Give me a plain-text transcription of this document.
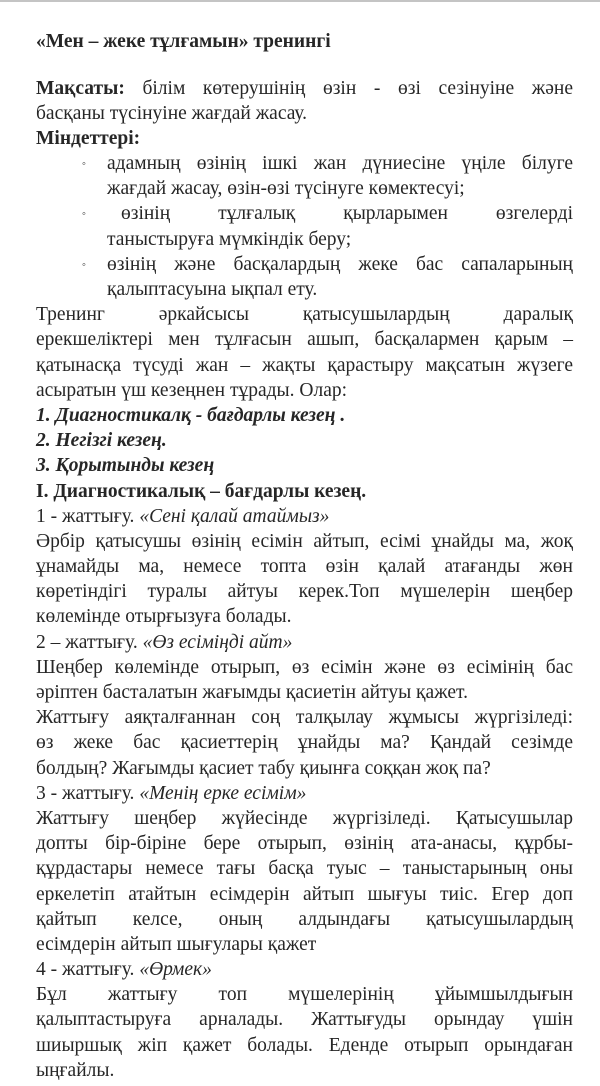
«Мен – жеке тұлғамын» тренингі
Мақсаты: білім көтерушінің өзін - өзі сезінуіне және
басқаны түсінуіне жағдай жасау.
Міндеттері:
◦ адамның өзінің ішкі жан дүниесіне үңіле білуге
жағдай жасау, өзін-өзі түсінуге көмектесуі;
◦	өзінің тұлғалық қырларымен өзгелерді
таныстыруға мүмкіндік беру;
◦ өзінің және басқалардың жеке бас сапаларының
қалыптасуына ықпал ету.
Тренинг әркайсысы қатысушылардың даралық
ерекшеліктері мен тұлғасын ашып, басқалармен қарым –
қатынасқа түсуді жан – жақты қарастыру мақсатын жүзеге
асыратын үш кезеңнен тұрады. Олар:
1. Диагностикалқ - бағдарлы кезең .
2. Негізгі кезең.
3. Қорытынды кезең
І. Диагностикалық – бағдарлы кезең.
1 - жаттығу. «Сені қалай атаймыз»
Әрбір қатысушы өзінің есімін айтып, есімі ұнайды ма, жоқ
ұнамайды ма, немесе топта өзін қалай атағанды жөн
көретіндігі туралы айтуы керек.Топ мүшелерін шеңбер
көлемінде отырғызуға болады.
2 – жаттығу. «Өз есіміңді айт»
Шеңбер көлемінде отырып, өз есімін және өз есімінің бас
әріптен басталатын жағымды қасиетін айтуы қажет.
Жаттығу аяқталғаннан соң талқылау жұмысы жүргізіледі:
өз жеке бас қасиеттерің ұнайды ма? Қандай сезімде
болдың? Жағымды қасиет табу қиынға соққан жоқ па?
3 - жаттығу. «Менің ерке есімім»
Жаттығу шеңбер жүйесінде жүргізіледі. Қатысушылар
допты бір-біріне бере отырып, өзінің ата-анасы, құрбы-
құрдастары немесе тағы басқа туыс – таныстарының оны
еркелетіп атайтын есімдерін айтып шығуы тиіс. Егер доп
қайтып келсе, оның алдындағы қатысушылардың
есімдерін айтып шығулары қажет
4 - жаттығу. «Өрмек»
Бұл жаттығу топ мүшелерінің ұйымшылдығын
қалыптастыруға арналады. Жаттығуды орындау үшін
шиыршық жіп қажет болады. Еденде отырып орындаған
ыңғайлы.
